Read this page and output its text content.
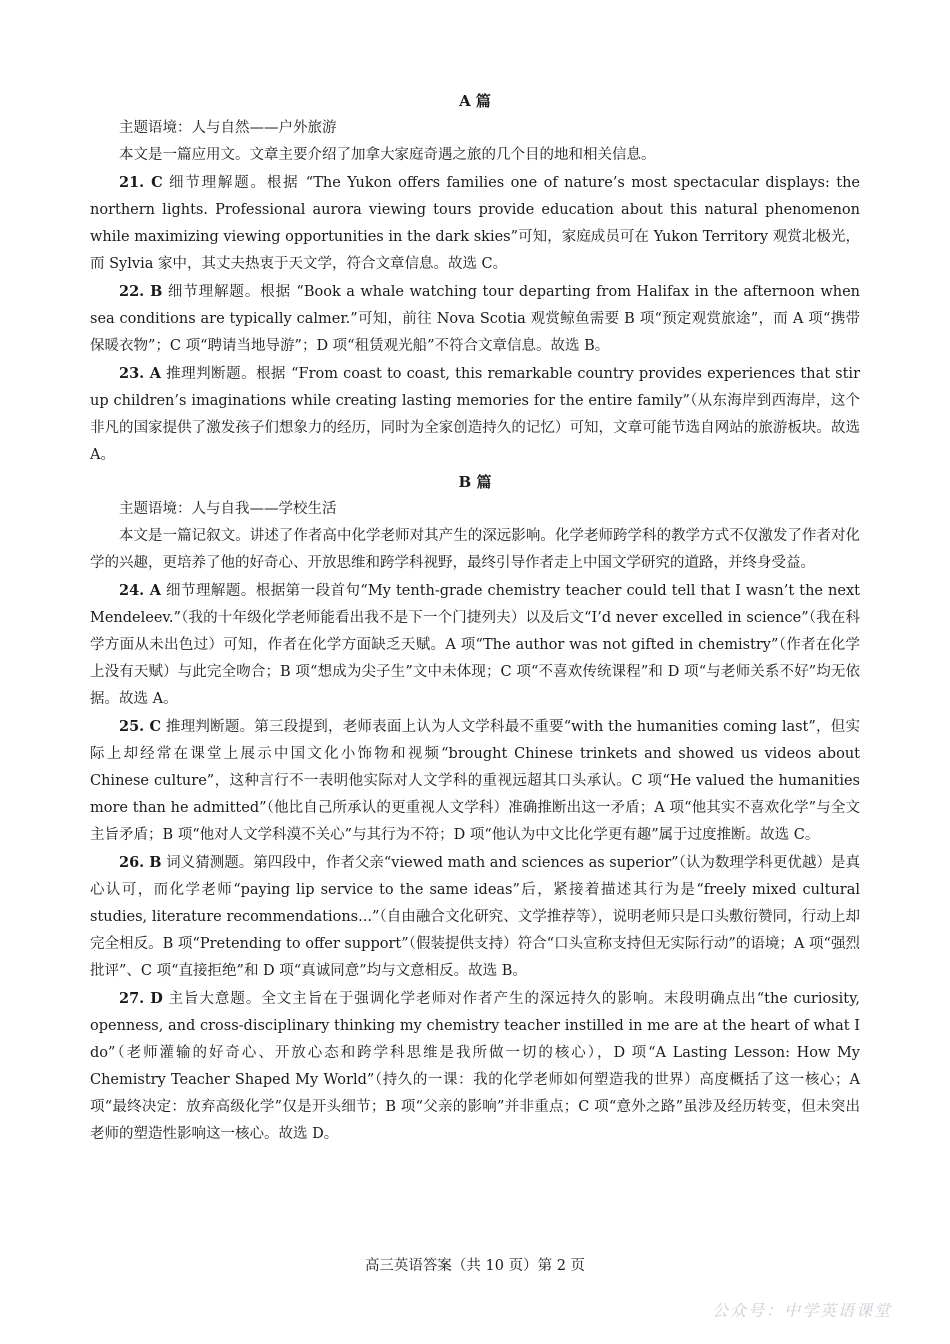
A 篇

主题语境：人与自然——户外旅游

本文是一篇应用文。文章主要介绍了加拿大家庭奇遇之旅的几个目的地和相关信息。

21. C 细节理解题。根据 “The Yukon offers families one of nature’s most spectacular displays: the northern lights. Professional aurora viewing tours provide education about this natural phenomenon while maximizing viewing opportunities in the dark skies”可知，家庭成员可在 Yukon Territory 观赏北极光，而 Sylvia 家中，其丈夫热衷于天文学，符合文章信息。故选 C。

22. B 细节理解题。根据 “Book a whale watching tour departing from Halifax in the afternoon when sea conditions are typically calmer.”可知，前往 Nova Scotia 观赏鲸鱼需要 B 项“预定观赏旅途”，而 A 项“携带保暖衣物”；C 项“聘请当地导游”；D 项“租赁观光船”不符合文章信息。故选 B。

23. A 推理判断题。根据 “From coast to coast, this remarkable country provides experiences that stir up children’s imaginations while creating lasting memories for the entire family”（从东海岸到西海岸，这个非凡的国家提供了激发孩子们想象力的经历，同时为全家创造持久的记忆）可知，文章可能节选自网站的旅游板块。故选 A。

B 篇

主题语境：人与自我——学校生活

本文是一篇记叙文。讲述了作者高中化学老师对其产生的深远影响。化学老师跨学科的教学方式不仅激发了作者对化学的兴趣，更培养了他的好奇心、开放思维和跨学科视野，最终引导作者走上中国文学研究的道路，并终身受益。

24. A 细节理解题。根据第一段首句“My tenth-grade chemistry teacher could tell that I wasn’t the next Mendeleev.”（我的十年级化学老师能看出我不是下一个门捷列夫）以及后文“I’d never excelled in science”（我在科学方面从未出色过）可知，作者在化学方面缺乏天赋。A 项“The author was not gifted in chemistry”（作者在化学上没有天赋）与此完全吻合；B 项“想成为尖子生”文中未体现；C 项“不喜欢传统课程”和 D 项“与老师关系不好”均无依据。故选 A。

25. C 推理判断题。第三段提到，老师表面上认为人文学科最不重要“with the humanities coming last”，但实际上却经常在课堂上展示中国文化小饰物和视频“brought Chinese trinkets and showed us videos about Chinese culture”，这种言行不一表明他实际对人文学科的重视远超其口头承认。C 项“He valued the humanities more than he admitted”（他比自己所承认的更重视人文学科）准确推断出这一矛盾；A 项“他其实不喜欢化学”与全文主旨矛盾；B 项“他对人文学科漠不关心”与其行为不符；D 项“他认为中文比化学更有趣”属于过度推断。故选 C。

26. B 词义猜测题。第四段中，作者父亲“viewed math and sciences as superior”（认为数理学科更优越）是真心认可，而化学老师“paying lip service to the same ideas”后，紧接着描述其行为是“freely mixed cultural studies, literature recommendations...”（自由融合文化研究、文学推荐等），说明老师只是口头敷衍赞同，行动上却完全相反。B 项“Pretending to offer support”（假装提供支持）符合“口头宣称支持但无实际行动”的语境；A 项“强烈批评”、C 项“直接拒绝”和 D 项“真诚同意”均与文意相反。故选 B。

27. D 主旨大意题。全文主旨在于强调化学老师对作者产生的深远持久的影响。末段明确点出“the curiosity, openness, and cross-disciplinary thinking my chemistry teacher instilled in me are at the heart of what I do”（老师灌输的好奇心、开放心态和跨学科思维是我所做一切的核心），D 项“A Lasting Lesson: How My Chemistry Teacher Shaped My World”（持久的一课：我的化学老师如何塑造我的世界）高度概括了这一核心；A 项“最终决定：放弃高级化学”仅是开头细节；B 项“父亲的影响”并非重点；C 项“意外之路”虽涉及经历转变，但未突出老师的塑造性影响这一核心。故选 D。

高三英语答案（共 10 页）第 2 页
公众号：中学英语课堂
